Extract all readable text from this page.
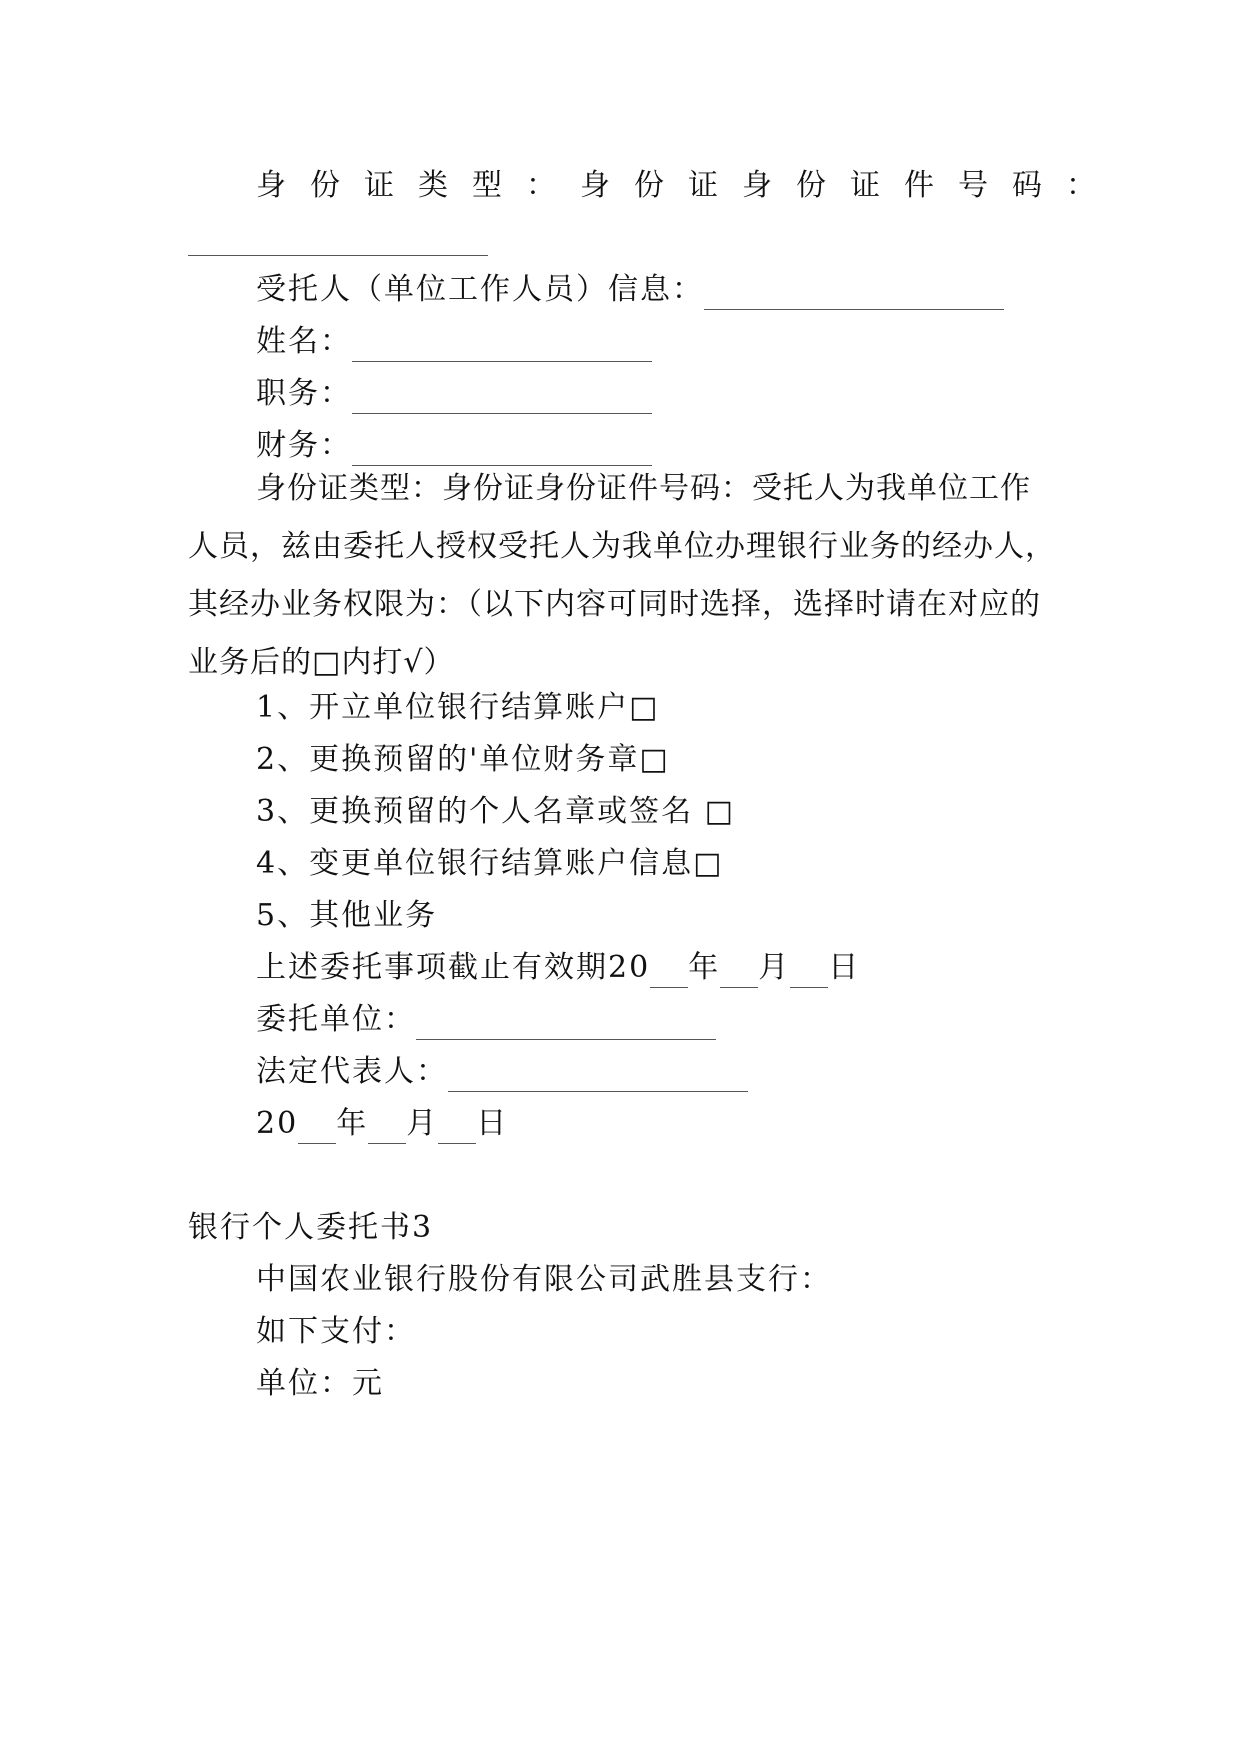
身份证类型：身份证身份证件号码：
受托人（单位工作人员）信息：
姓名：
职务：
财务：
身份证类型：身份证身份证件号码：受托人为我单位工作人员，兹由委托人授权受托人为我单位办理银行业务的经办人，其经办业务权限为：（以下内容可同时选择，选择时请在对应的业务后的□内打√）
1、开立单位银行结算账户□
2、更换预留的'单位财务章□
3、更换预留的个人名章或签名 □
4、变更单位银行结算账户信息□
5、其他业务
上述委托事项截止有效期20 年 月 日
委托单位：
法定代表人：
20 年 月 日
银行个人委托书3
中国农业银行股份有限公司武胜县支行：
如下支付：
单位：元
